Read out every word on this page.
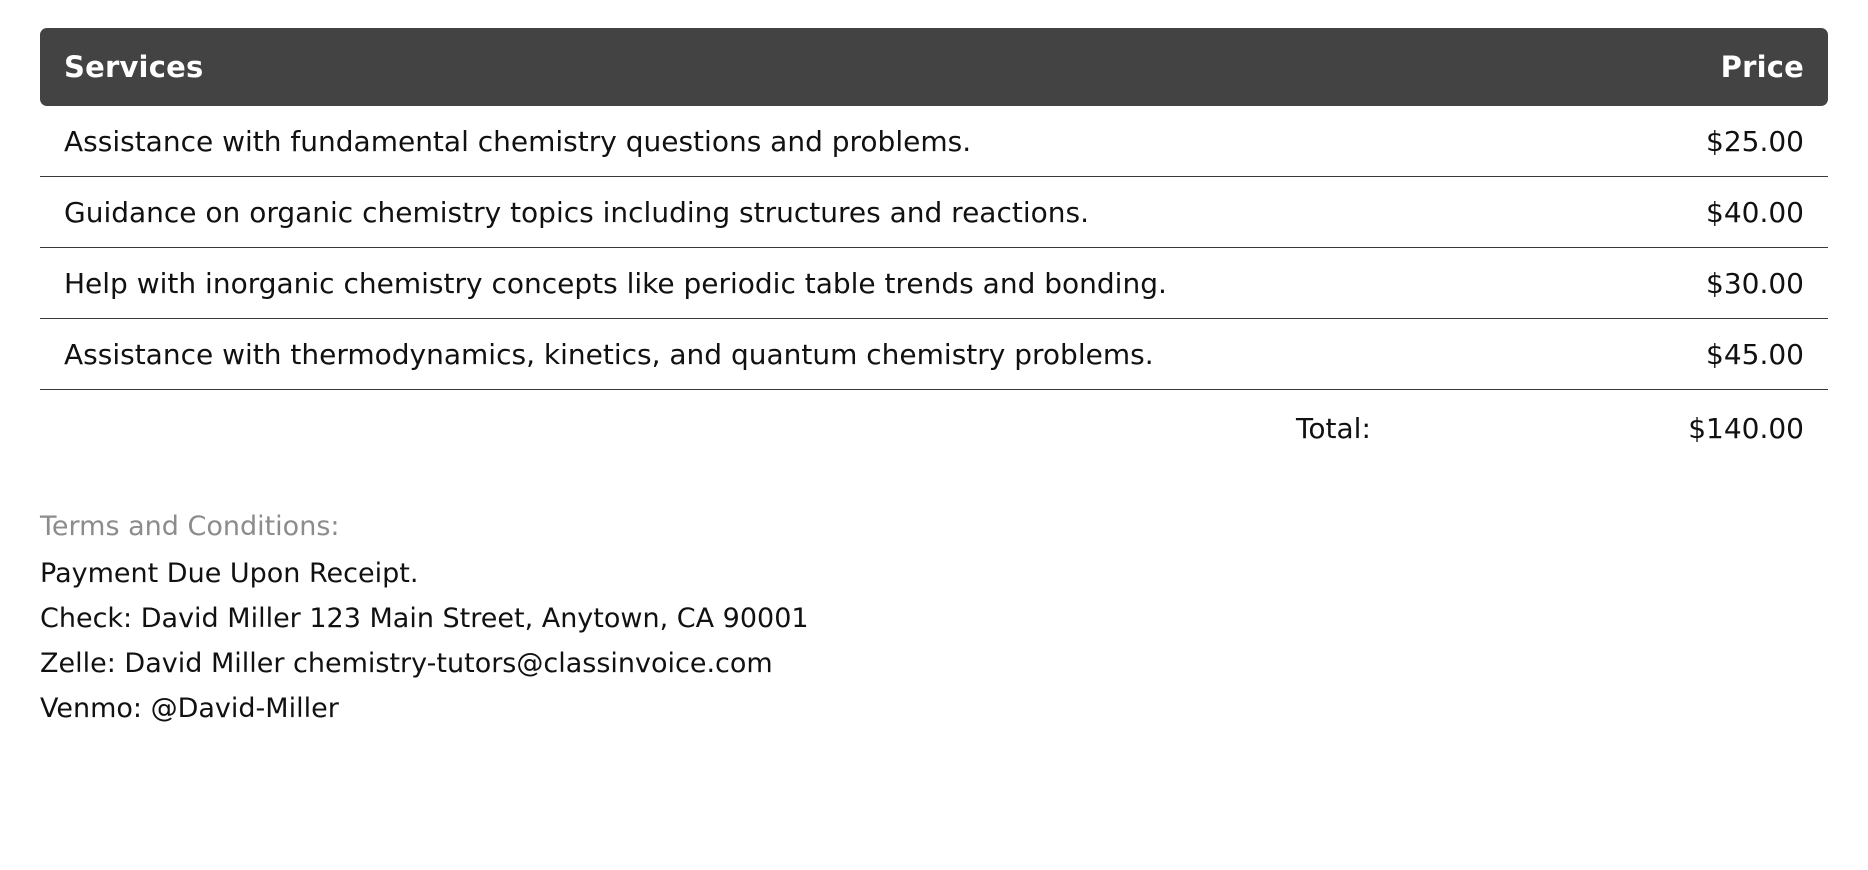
Services	Price
Assistance with fundamental chemistry questions and problems.	$25.00
Guidance on organic chemistry topics including structures and reactions.	$40.00
Help with inorganic chemistry concepts like periodic table trends and bonding.	$30.00
Assistance with thermodynamics, kinetics, and quantum chemistry problems.	$45.00
Total:	$140.00
Terms and Conditions:
Payment Due Upon Receipt.
Check: David Miller 123 Main Street, Anytown, CA 90001
Zelle: David Miller chemistry-tutors@classinvoice.com
Venmo: @David-Miller
